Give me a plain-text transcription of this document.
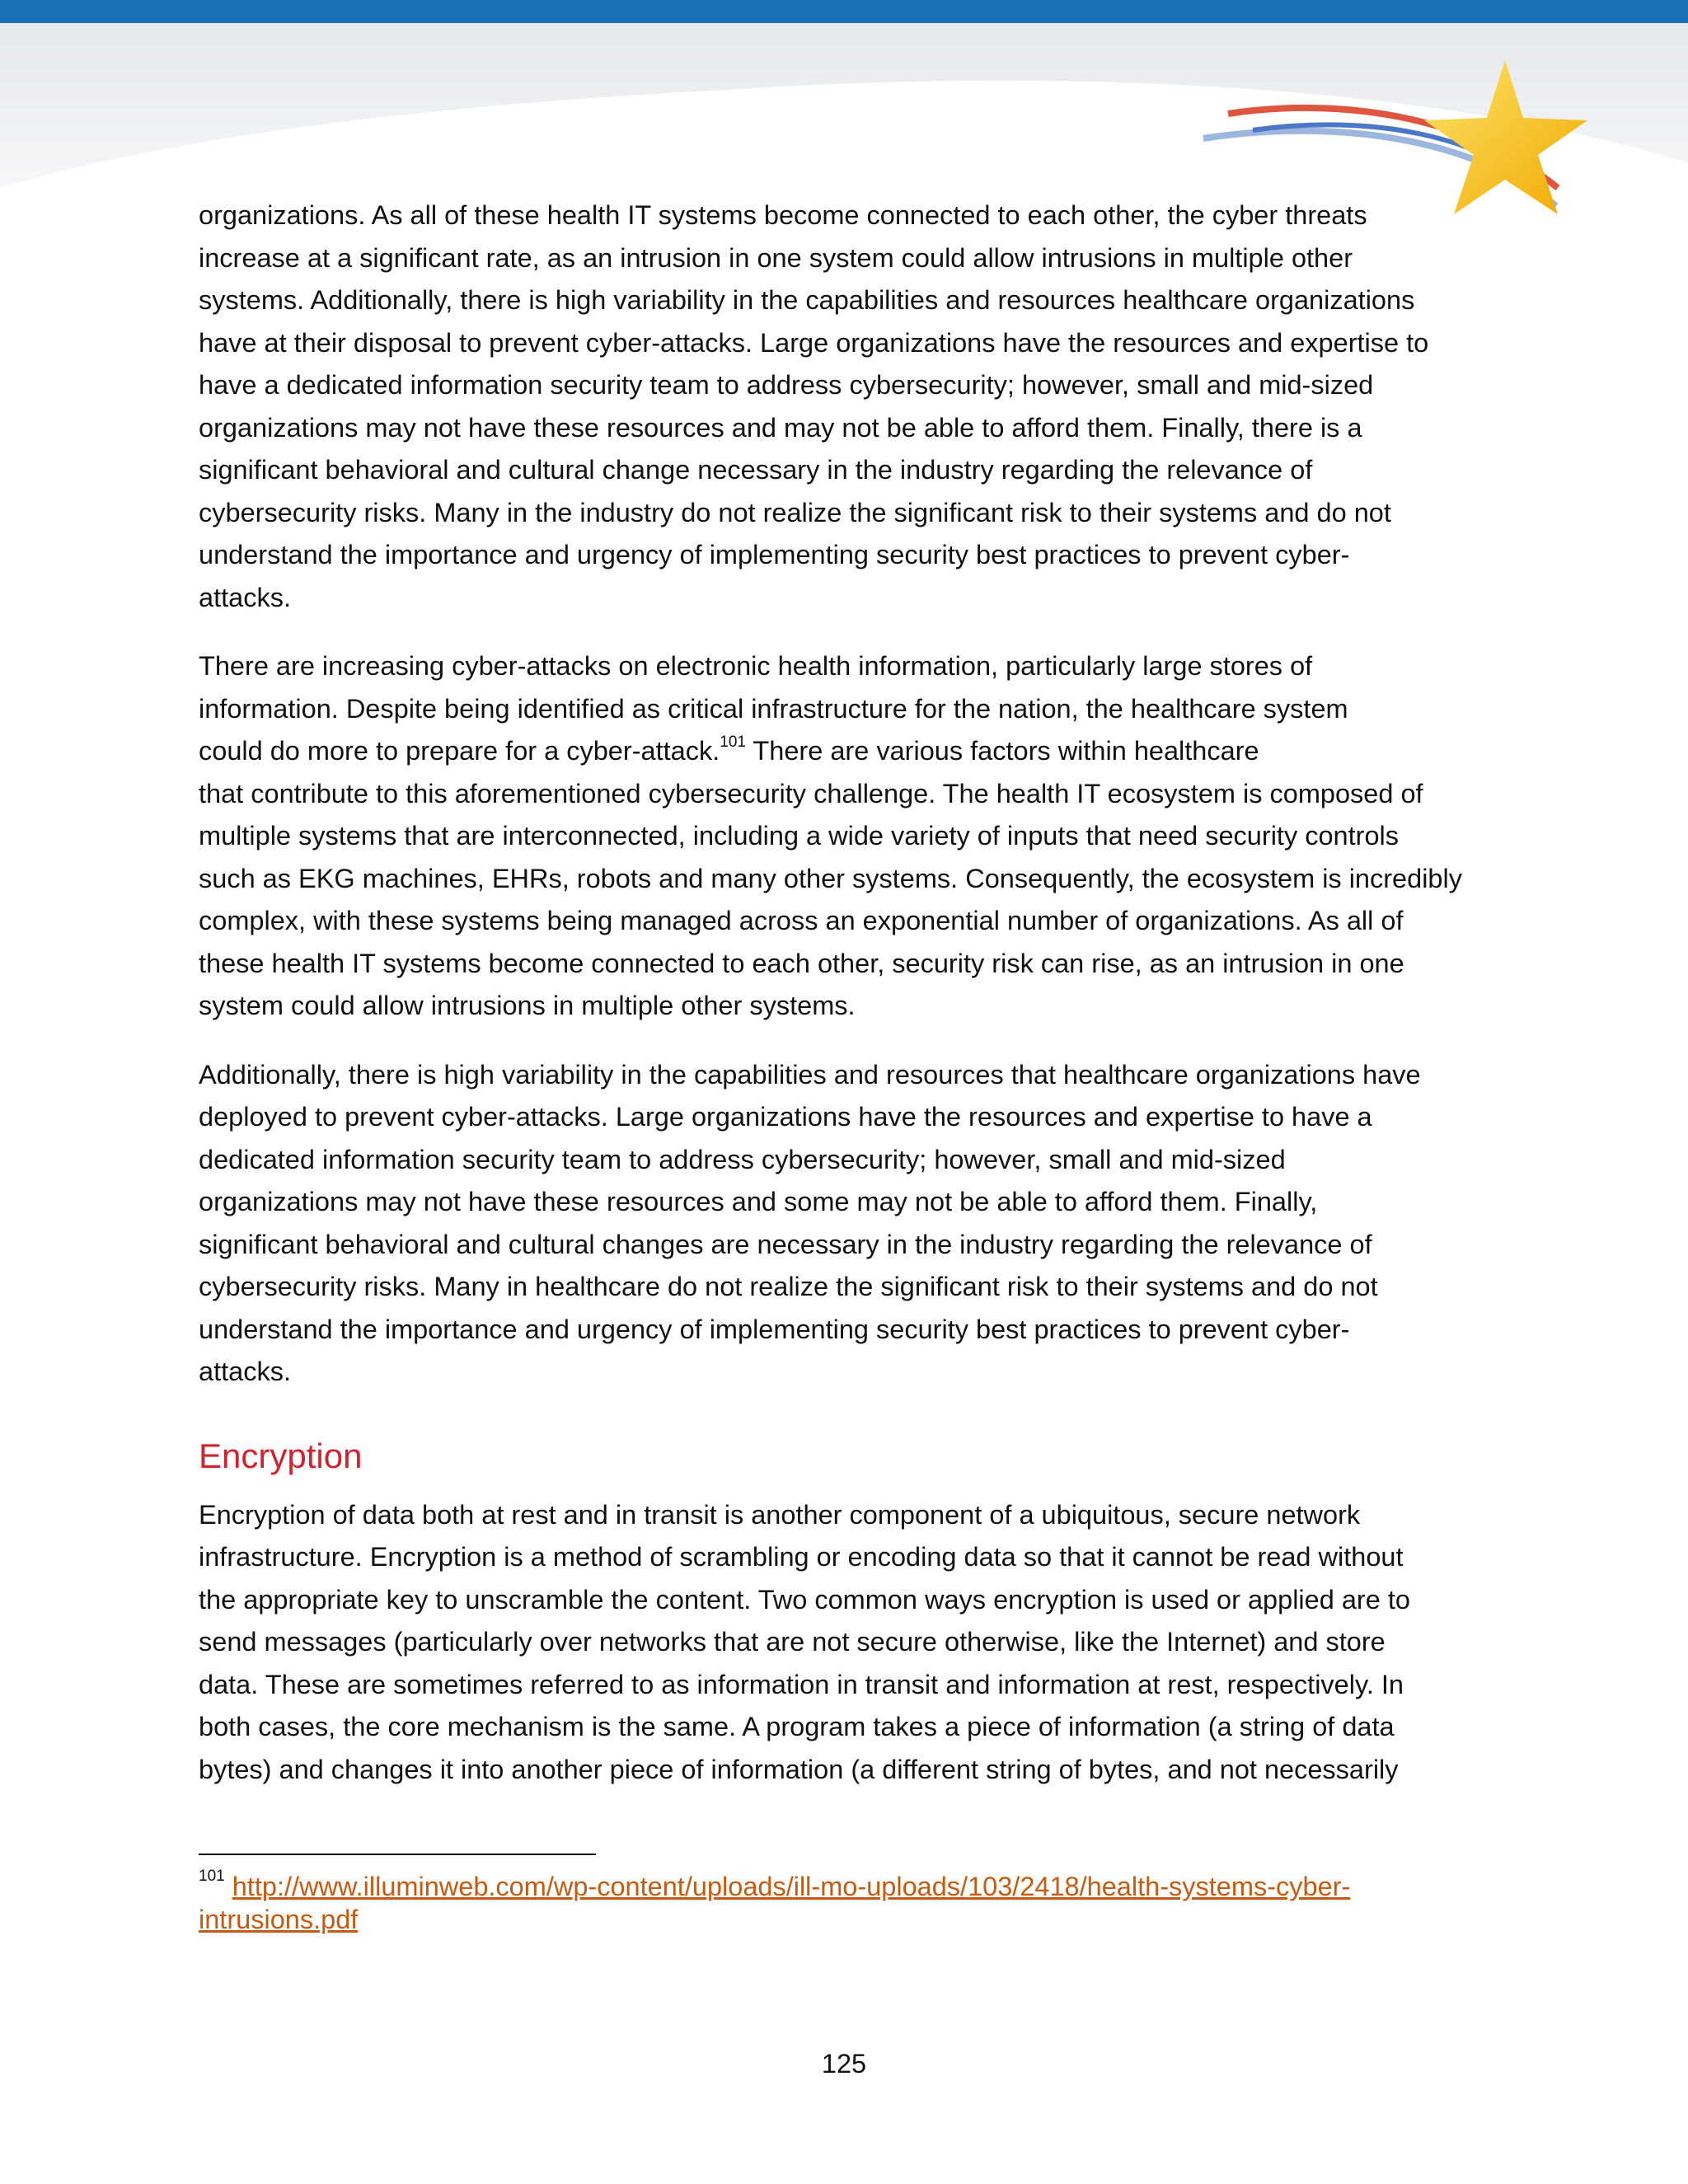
organizations. As all of these health IT systems become connected to each other, the cyber threats
increase at a significant rate, as an intrusion in one system could allow intrusions in multiple other
systems. Additionally, there is high variability in the capabilities and resources healthcare organizations
have at their disposal to prevent cyber-attacks. Large organizations have the resources and expertise to
have a dedicated information security team to address cybersecurity; however, small and mid-sized
organizations may not have these resources and may not be able to afford them. Finally, there is a
significant behavioral and cultural change necessary in the industry regarding the relevance of
cybersecurity risks. Many in the industry do not realize the significant risk to their systems and do not
understand the importance and urgency of implementing security best practices to prevent cyber-
attacks.
There are increasing cyber-attacks on electronic health information, particularly large stores of
information. Despite being identified as critical infrastructure for the nation, the healthcare system
could do more to prepare for a cyber-attack.$^{101}$ There are various factors within healthcare
that contribute to this aforementioned cybersecurity challenge. The health IT ecosystem is composed of
multiple systems that are interconnected, including a wide variety of inputs that need security controls
such as EKG machines, EHRs, robots and many other systems. Consequently, the ecosystem is incredibly
complex, with these systems being managed across an exponential number of organizations. As all of
these health IT systems become connected to each other, security risk can rise, as an intrusion in one
system could allow intrusions in multiple other systems.
Additionally, there is high variability in the capabilities and resources that healthcare organizations have
deployed to prevent cyber-attacks. Large organizations have the resources and expertise to have a
dedicated information security team to address cybersecurity; however, small and mid-sized
organizations may not have these resources and some may not be able to afford them. Finally,
significant behavioral and cultural changes are necessary in the industry regarding the relevance of
cybersecurity risks. Many in healthcare do not realize the significant risk to their systems and do not
understand the importance and urgency of implementing security best practices to prevent cyber-
attacks.
Encryption
Encryption of data both at rest and in transit is another component of a ubiquitous, secure network
infrastructure. Encryption is a method of scrambling or encoding data so that it cannot be read without
the appropriate key to unscramble the content. Two common ways encryption is used or applied are to
send messages (particularly over networks that are not secure otherwise, like the Internet) and store
data. These are sometimes referred to as information in transit and information at rest, respectively. In
both cases, the core mechanism is the same. A program takes a piece of information (a string of data
bytes) and changes it into another piece of information (a different string of bytes, and not necessarily
$^{101}$ http://www.illuminweb.com/wp-content/uploads/ill-mo-uploads/103/2418/health-systems-cyber-
intrusions.pdf
125
